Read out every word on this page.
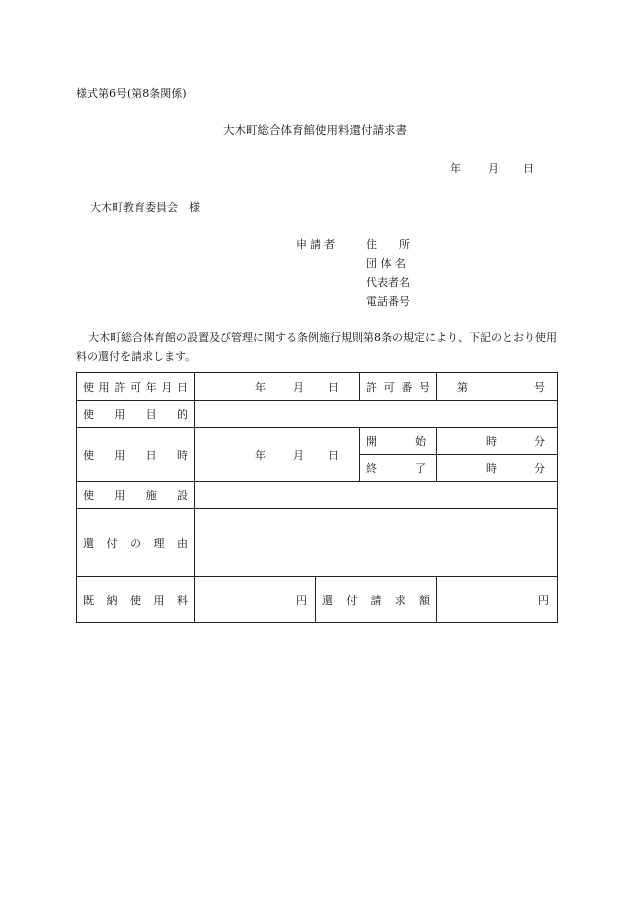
様式第6号(第8条関係)
大木町総合体育館使用料還付請求書
年 月 日
大木町教育委員会　様
申請者	住　　所
団 体 名
代表者名
電話番号
大木町総合体育館の設置及び管理に関する条例施行規則第8条の規定により、下記のとおり使用料の還付を請求します。
使用許可年月日	年 月 日		許可番号	第 号

使用目的				
使用日時	年 月 日		開始	時 分

			終了	時 分

使用施設				
還付の理由				
既納使用料	円	還付請求額		円
